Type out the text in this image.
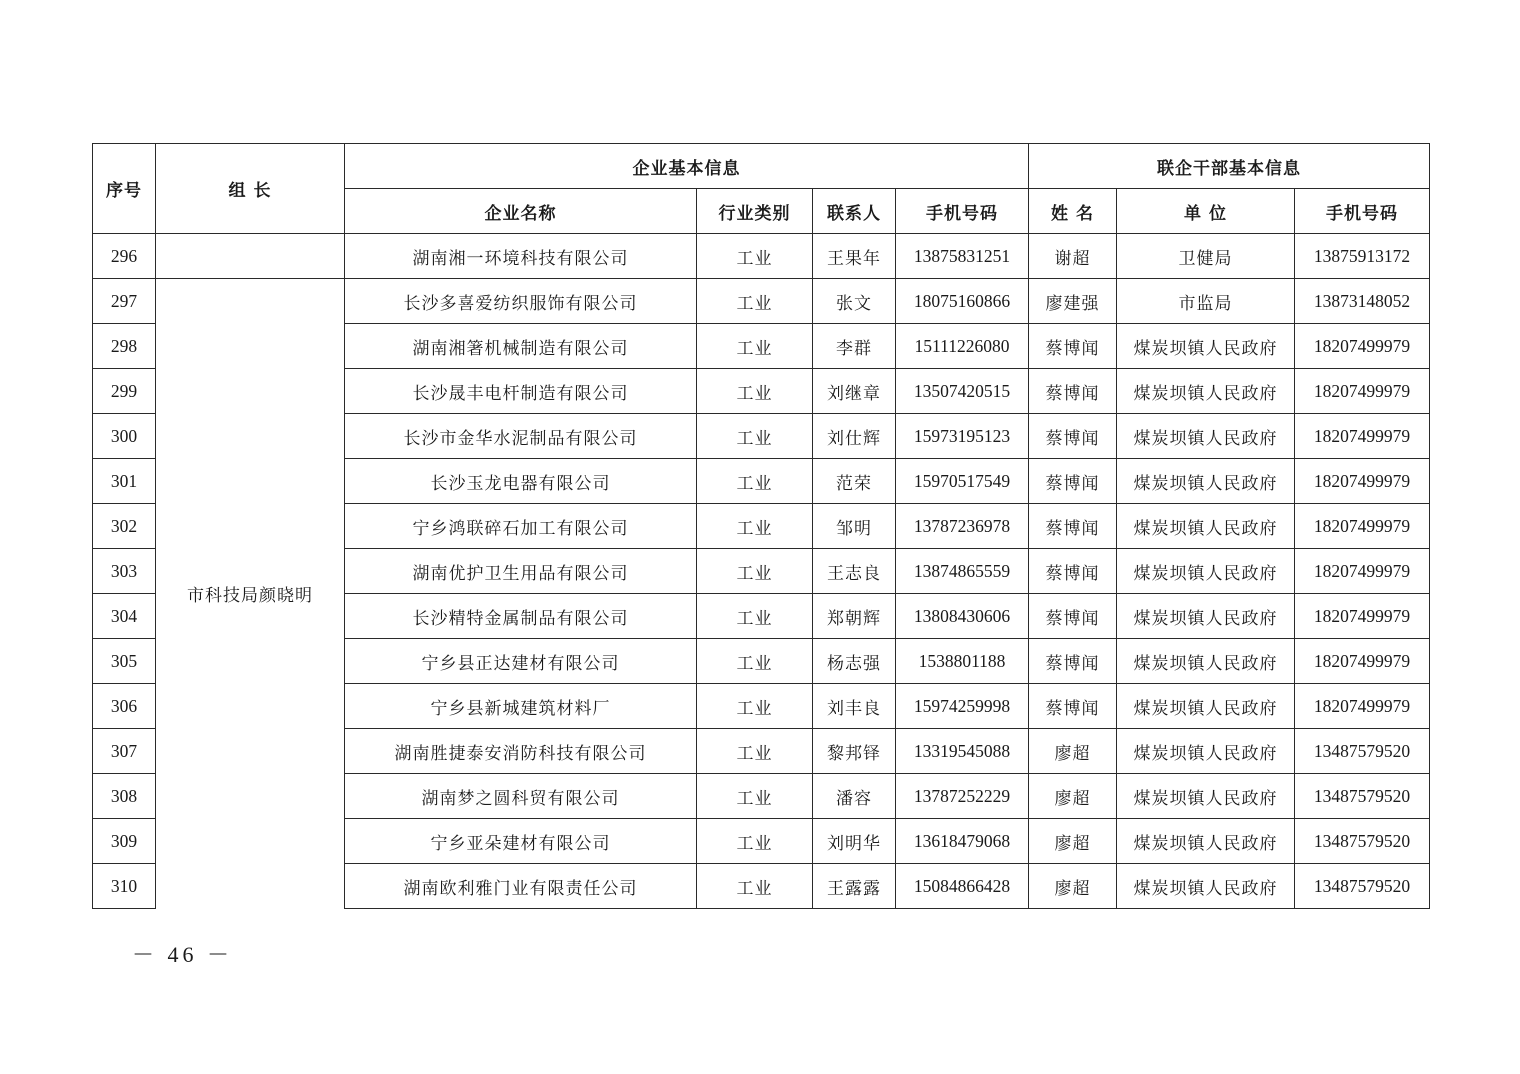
序号	组 长	企业基本信息				联企干部基本信息		
		企业名称	行业类别	联系人	手机号码	姓 名	单 位	手机号码
296		湖南湘一环境科技有限公司	工业	王果年	13875831251	谢超	卫健局	13875913172
297	市科技局颜晓明	长沙多喜爱纺织服饰有限公司	工业	张文	18075160866	廖建强	市监局	13873148052
298		湖南湘箸机械制造有限公司	工业	李群	15111226080	蔡博闻	煤炭坝镇人民政府	18207499979
299		长沙晟丰电杆制造有限公司	工业	刘继章	13507420515	蔡博闻	煤炭坝镇人民政府	18207499979
300		长沙市金华水泥制品有限公司	工业	刘仕辉	15973195123	蔡博闻	煤炭坝镇人民政府	18207499979
301		长沙玉龙电器有限公司	工业	范荣	15970517549	蔡博闻	煤炭坝镇人民政府	18207499979
302		宁乡鸿联碎石加工有限公司	工业	邹明	13787236978	蔡博闻	煤炭坝镇人民政府	18207499979
303		湖南优护卫生用品有限公司	工业	王志良	13874865559	蔡博闻	煤炭坝镇人民政府	18207499979
304		长沙精特金属制品有限公司	工业	郑朝辉	13808430606	蔡博闻	煤炭坝镇人民政府	18207499979
305		宁乡县正达建材有限公司	工业	杨志强	1538801188	蔡博闻	煤炭坝镇人民政府	18207499979
306		宁乡县新城建筑材料厂	工业	刘丰良	15974259998	蔡博闻	煤炭坝镇人民政府	18207499979
307		湖南胜捷泰安消防科技有限公司	工业	黎邦铎	13319545088	廖超	煤炭坝镇人民政府	13487579520
308		湖南梦之圆科贸有限公司	工业	潘容	13787252229	廖超	煤炭坝镇人民政府	13487579520
309		宁乡亚朵建材有限公司	工业	刘明华	13618479068	廖超	煤炭坝镇人民政府	13487579520
310		湖南欧利雅门业有限责任公司	工业	王露露	15084866428	廖超	煤炭坝镇人民政府	13487579520
－ 46 －
